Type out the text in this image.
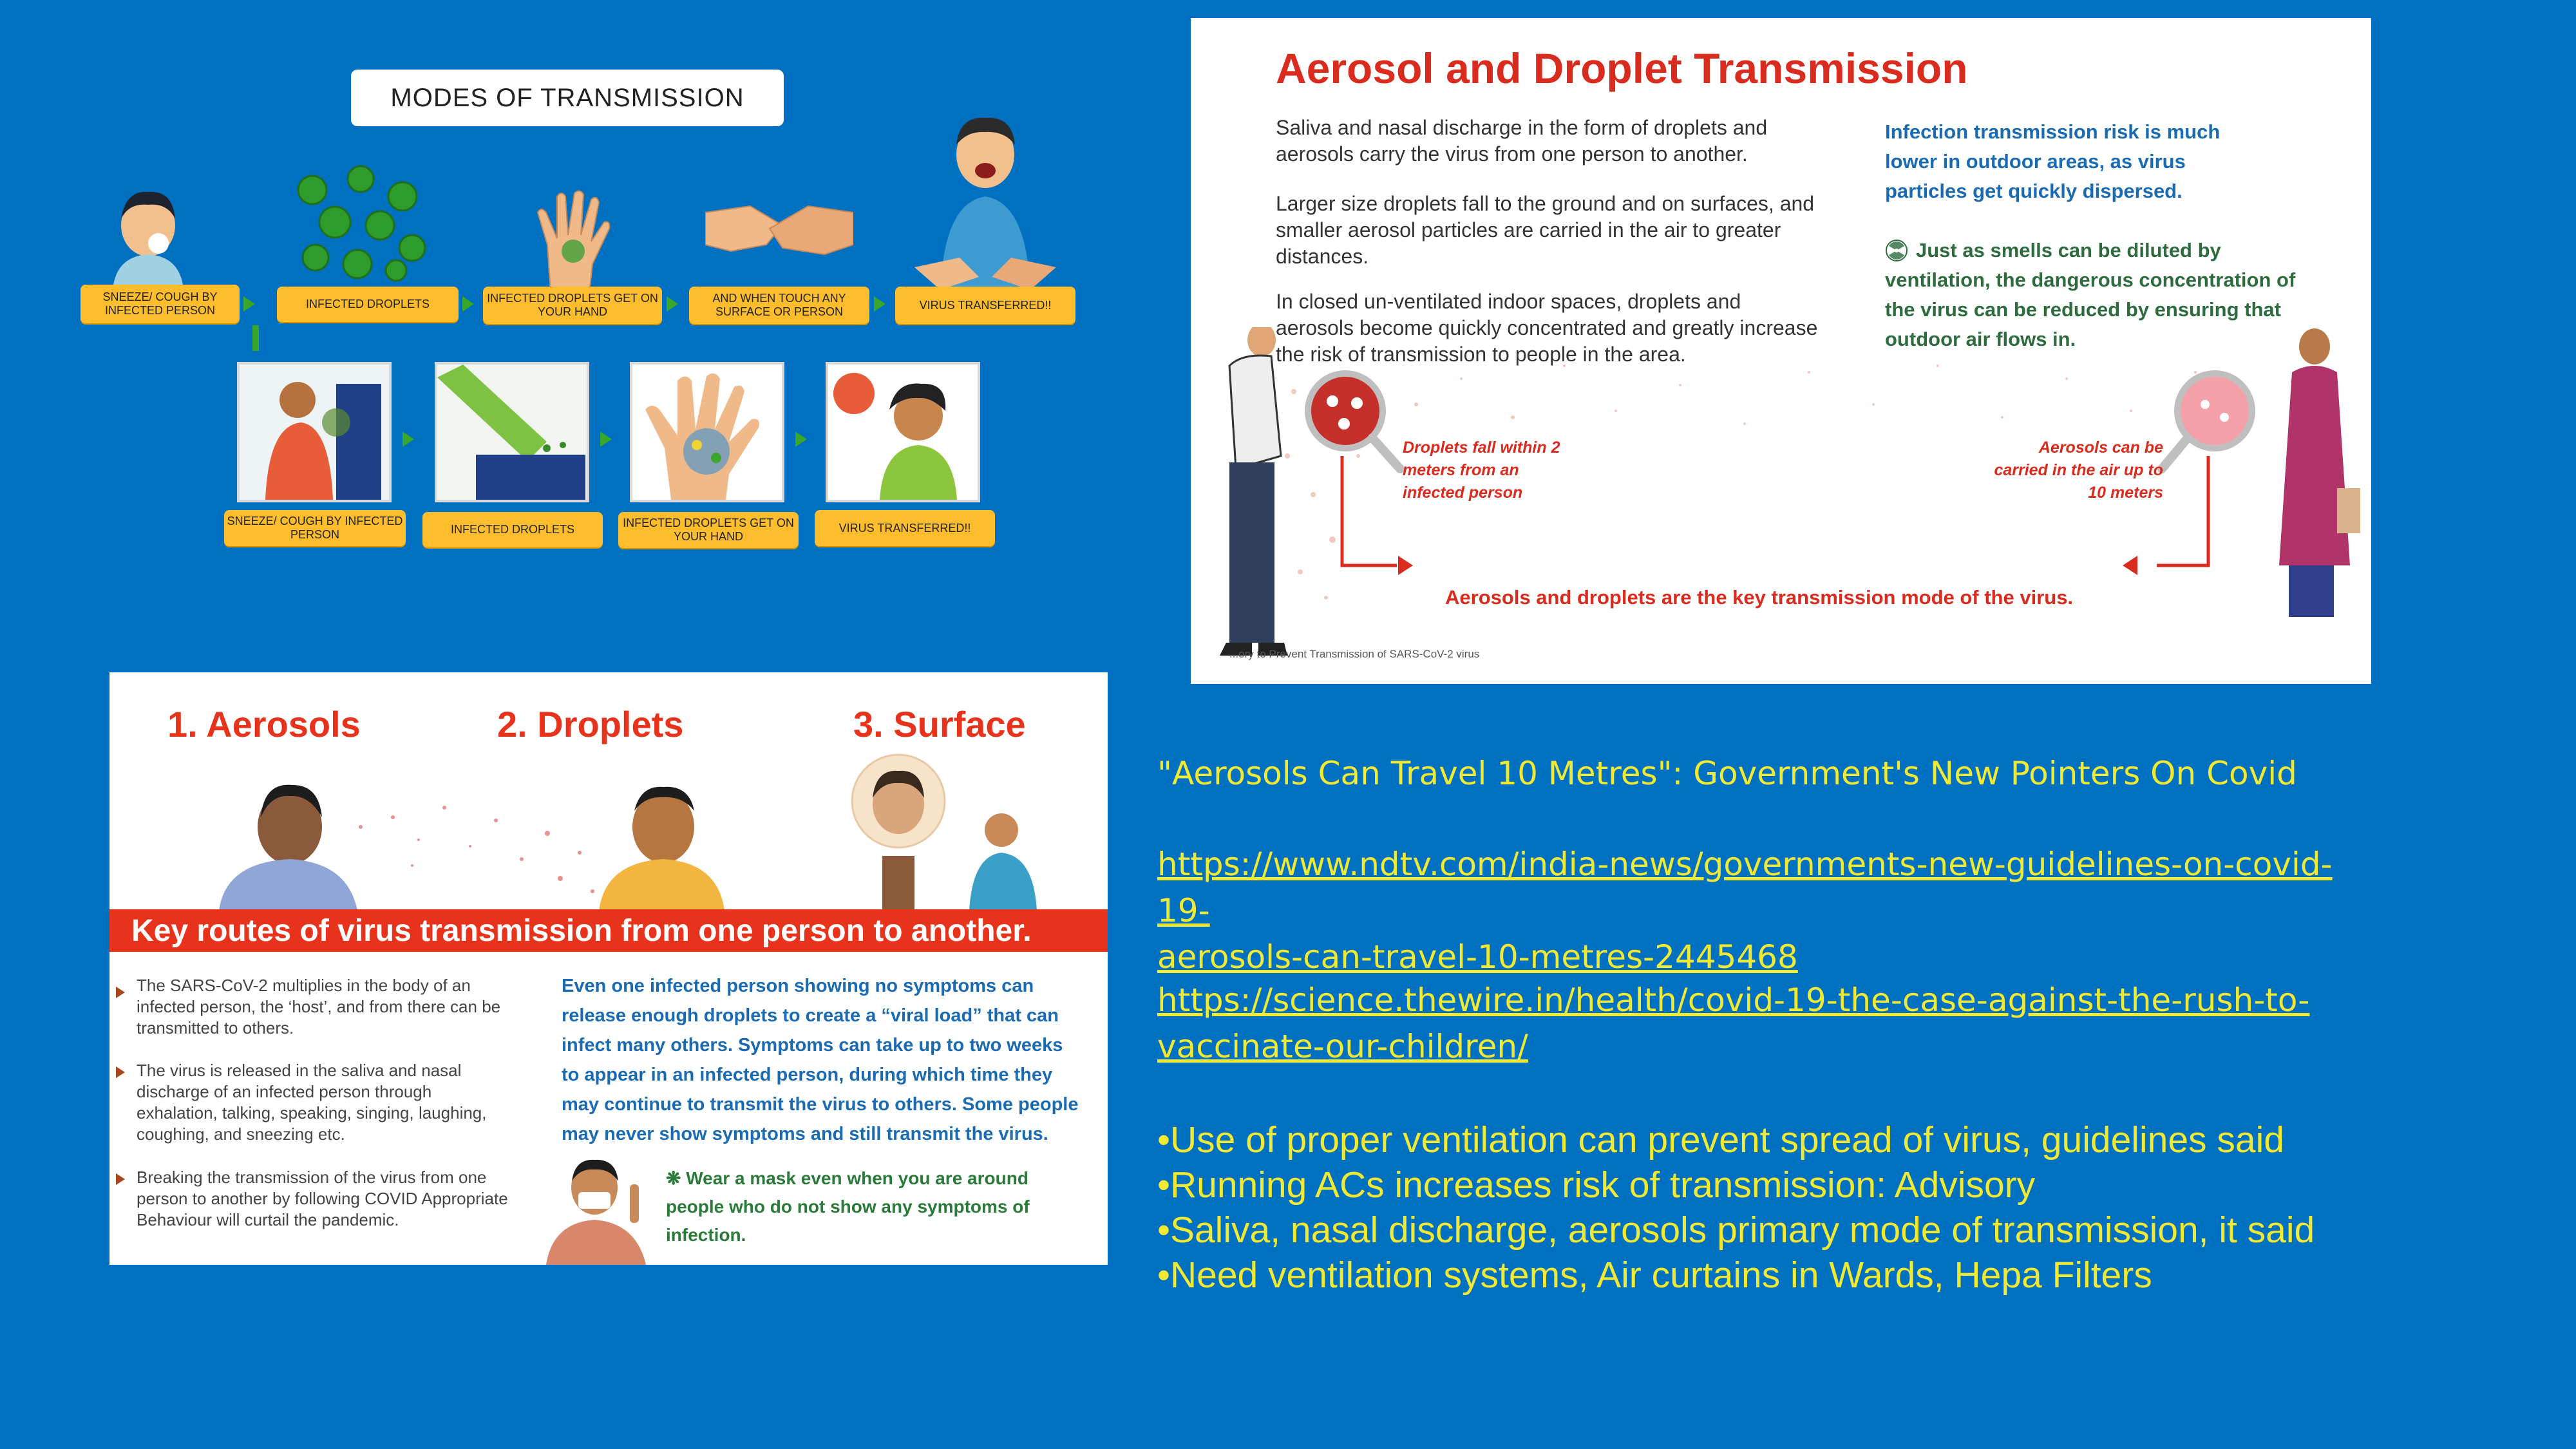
MODES OF TRANSMISSION
SNEEZE/ COUGH BY INFECTED PERSON	INFECTED DROPLETS	INFECTED DROPLETS GET ON YOUR HAND
AND WHEN TOUCH ANY SURFACE OR PERSON
VIRUS TRANSFERRED!!
SNEEZE/ COUGH BY INFECTED PERSON	INFECTED DROPLETS	INFECTED DROPLETS GET ON YOUR HAND
VIRUS TRANSFERRED!!
Aerosol and Droplet Transmission
Saliva and nasal discharge in the form of droplets and aerosols carry the virus from one person to another.
Larger size droplets fall to the ground and on surfaces, and smaller aerosol particles are carried in the air to greater distances.
In closed un-ventilated indoor spaces, droplets and aerosols become quickly concentrated and greatly increase the risk of transmission to people in the area.
Infection transmission risk is much lower in outdoor areas, as virus particles get quickly dispersed.
Just as smells can be diluted by ventilation, the dangerous concentration of the virus can be reduced by ensuring that outdoor air flows in.
Droplets fall within 2 meters from an infected person
Aerosols can be carried in the air up to 10 meters
Aerosols and droplets are the key transmission mode of the virus.
...ory to Prevent Transmission of SARS-CoV-2 virus
1. Aerosols	2. Droplets	3. Surface
Key routes of virus transmission from one person to another.
The SARS-CoV-2 multiplies in the body of an infected person, the ‘host’, and from there can be transmitted to others.
The virus is released in the saliva and nasal discharge of an infected person through exhalation, talking, speaking, singing, laughing, coughing, and sneezing etc.
Breaking the transmission of the virus from one person to another by following COVID Appropriate Behaviour will curtail the pandemic.
Even one infected person showing no symptoms can release enough droplets to create a “viral load” that can infect many others. Symptoms can take up to two weeks to appear in an infected person, during which time they may continue to transmit the virus to others. Some people may never show symptoms and still transmit the virus.
❋ Wear a mask even when you are around people who do not show any symptoms of infection.
"Aerosols Can Travel 10 Metres": Government's New Pointers On Covid
https://www.ndtv.com/india-news/governments-new-guidelines-on-covid-19-
aerosols-can-travel-10-metres-2445468
https://science.thewire.in/health/covid-19-the-case-against-the-rush-to-
vaccinate-our-children/
•Use of proper ventilation can prevent spread of virus, guidelines said
•Running ACs increases risk of transmission: Advisory
•Saliva, nasal discharge, aerosols primary mode of transmission, it said
•Need ventilation systems, Air curtains in Wards, Hepa Filters
